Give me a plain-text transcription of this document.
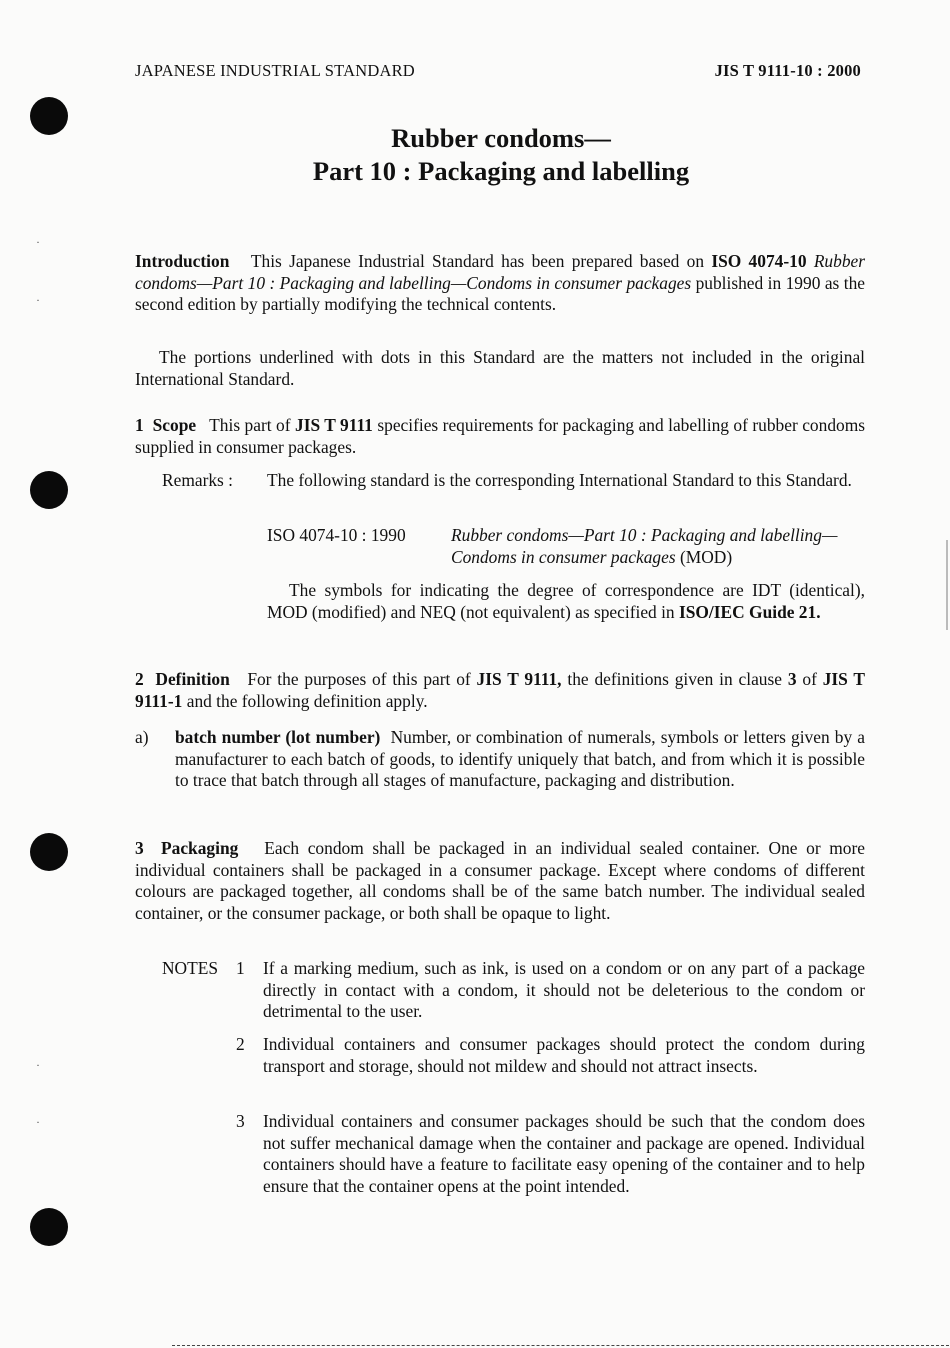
·
·
·
·
JAPANESE INDUSTRIAL STANDARD	JIS T 9111-10 : 2000
Rubber condoms—
Part 10 : Packaging and labelling
Introduction This Japanese Industrial Standard has been prepared based on ISO 4074-10 Rubber condoms—Part 10 : Packaging and labelling—Condoms in consumer packages published in 1990 as the second edition by partially modifying the technical contents.
The portions underlined with dots in this Standard are the matters not included in the original International Standard.
1 Scope This part of JIS T 9111 specifies requirements for packaging and labelling of rubber condoms supplied in consumer packages.
Remarks : The following standard is the corresponding International Standard to this Standard.
ISO 4074-10 : 1990	Rubber condoms—Part 10 : Packaging and labelling—Condoms in consumer packages (MOD)
The symbols for indicating the degree of correspondence are IDT (identical), MOD (modified) and NEQ (not equivalent) as specified in ISO/IEC Guide 21.
2 Definition For the purposes of this part of JIS T 9111, the definitions given in clause 3 of JIS T 9111-1 and the following definition apply.
a) batch number (lot number) Number, or combination of numerals, symbols or letters given by a manufacturer to each batch of goods, to identify uniquely that batch, and from which it is possible to trace that batch through all stages of manufacture, packaging and distribution.
3 Packaging Each condom shall be packaged in an individual sealed container. One or more individual containers shall be packaged in a consumer package. Except where condoms of different colours are packaged together, all condoms shall be of the same batch number. The individual sealed container, or the consumer package, or both shall be opaque to light.
NOTES 1 If a marking medium, such as ink, is used on a condom or on any part of a package directly in contact with a condom, it should not be deleterious to the condom or detrimental to the user.
2 Individual containers and consumer packages should protect the condom during transport and storage, should not mildew and should not attract insects.
3 Individual containers and consumer packages should be such that the condom does not suffer mechanical damage when the container and package are opened. Individual containers should have a feature to facilitate easy opening of the container and to help ensure that the container opens at the point intended.
